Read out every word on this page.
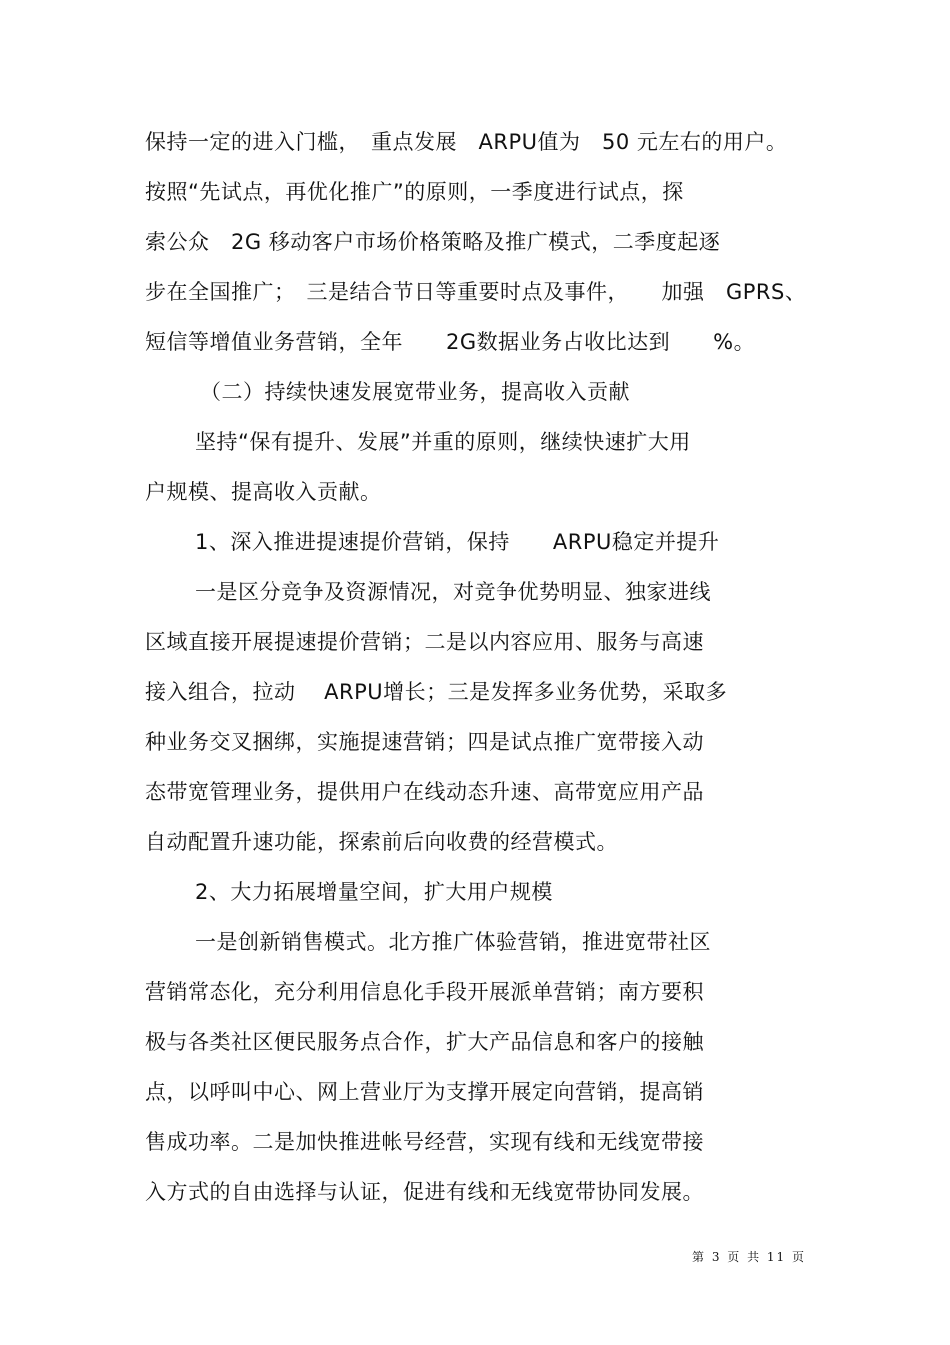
保持一定的进入门槛，　重点发展　ARPU值为　50 元左右的用户。
按照“先试点，再优化推广”的原则，一季度进行试点，探
索公众　2G 移动客户市场价格策略及推广模式，二季度起逐
步在全国推广；　三是结合节日等重要时点及事件，　　加强　GPRS、
短信等增值业务营销，全年　　2G数据业务占收比达到　　%。
（二）持续快速发展宽带业务，提高收入贡献
坚持“保有提升、发展”并重的原则，继续快速扩大用
户规模、提高收入贡献。
1、深入推进提速提价营销，保持　　ARPU稳定并提升
一是区分竞争及资源情况，对竞争优势明显、独家进线
区域直接开展提速提价营销；二是以内容应用、服务与高速
接入组合，拉动　 ARPU增长；三是发挥多业务优势，采取多
种业务交叉捆绑，实施提速营销；四是试点推广宽带接入动
态带宽管理业务，提供用户在线动态升速、高带宽应用产品
自动配置升速功能，探索前后向收费的经营模式。
2、大力拓展增量空间，扩大用户规模
一是创新销售模式。北方推广体验营销，推进宽带社区
营销常态化，充分利用信息化手段开展派单营销；南方要积
极与各类社区便民服务点合作，扩大产品信息和客户的接触
点，以呼叫中心、网上营业厅为支撑开展定向营销，提高销
售成功率。二是加快推进帐号经营，实现有线和无线宽带接
入方式的自由选择与认证，促进有线和无线宽带协同发展。
第 3 页 共 11 页
